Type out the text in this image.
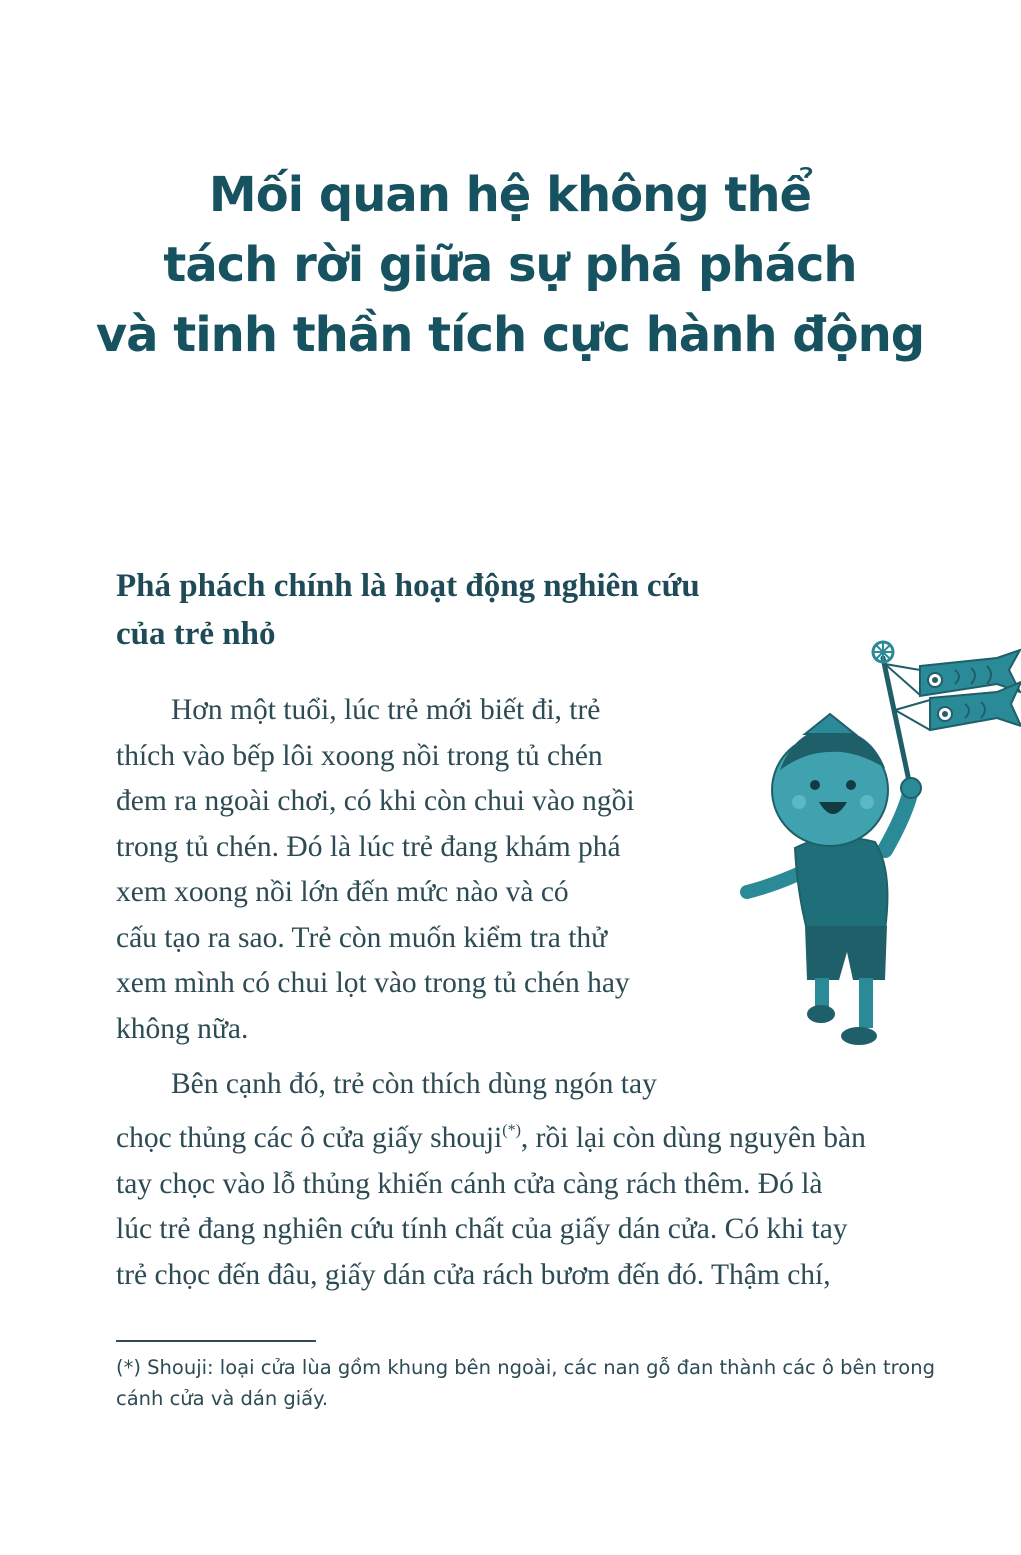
Mối quan hệ không thể
tách rời giữa sự phá phách
và tinh thần tích cực hành động
Phá phách chính là hoạt động nghiên cứu
của trẻ nhỏ
Hơn một tuổi, lúc trẻ mới biết đi, trẻ
thích vào bếp lôi xoong nồi trong tủ chén
đem ra ngoài chơi, có khi còn chui vào ngồi
trong tủ chén. Đó là lúc trẻ đang khám phá
xem xoong nồi lớn đến mức nào và có
cấu tạo ra sao. Trẻ còn muốn kiểm tra thử
xem mình có chui lọt vào trong tủ chén hay
không nữa.
Bên cạnh đó, trẻ còn thích dùng ngón tay
chọc thủng các ô cửa giấy shouji(*), rồi lại còn dùng nguyên bàn
tay chọc vào lỗ thủng khiến cánh cửa càng rách thêm. Đó là
lúc trẻ đang nghiên cứu tính chất của giấy dán cửa. Có khi tay
trẻ chọc đến đâu, giấy dán cửa rách bươm đến đó. Thậm chí,
(*) Shouji: loại cửa lùa gồm khung bên ngoài, các nan gỗ đan thành các ô bên trong
cánh cửa và dán giấy.
